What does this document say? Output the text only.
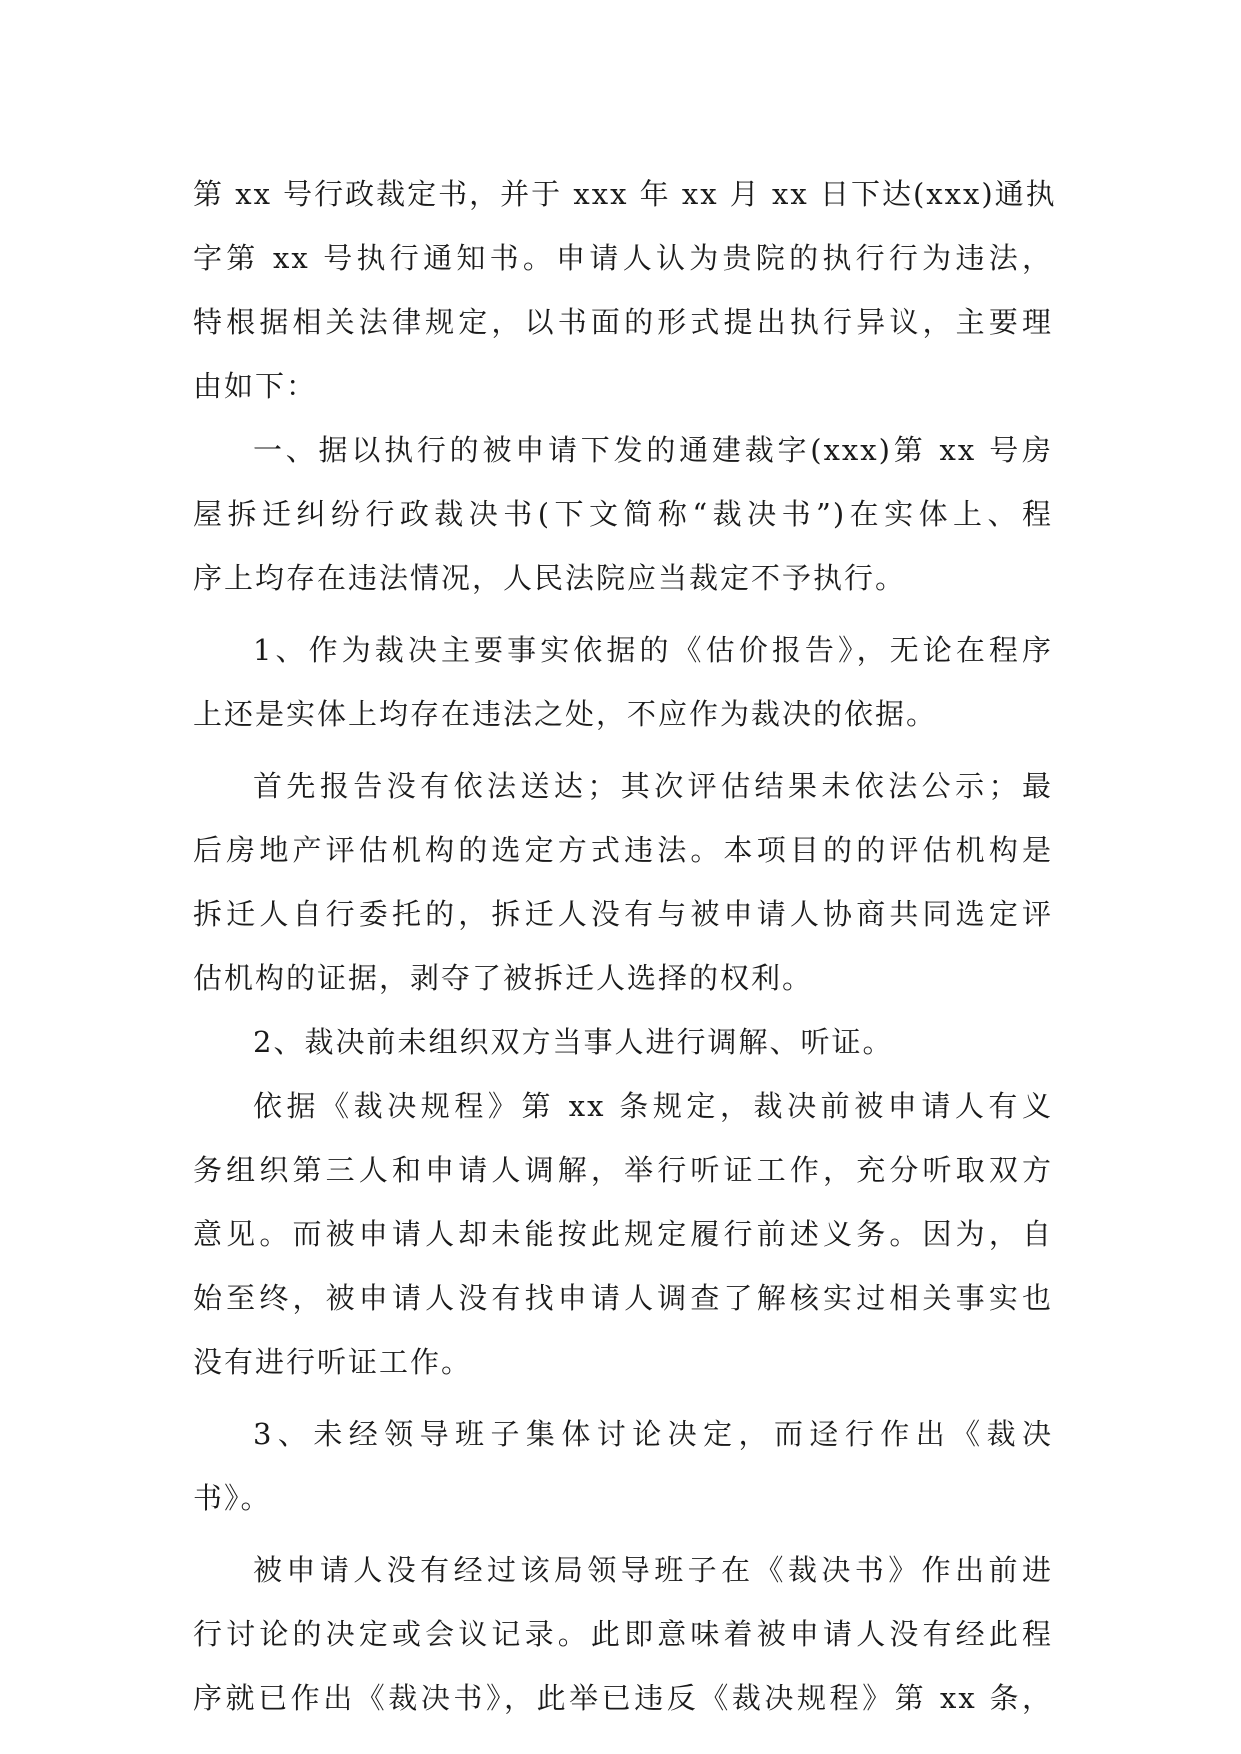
第 xx 号行政裁定书，并于 xxx 年 xx 月 xx 日下达(xxx)通执
字第 xx 号执行通知书。申请人认为贵院的执行行为违法，
特根据相关法律规定，以书面的形式提出执行异议，主要理
由如下：
一、据以执行的被申请下发的通建裁字(xxx)第 xx 号房
屋拆迁纠纷行政裁决书(下文简称“裁决书”)在实体上、程
序上均存在违法情况，人民法院应当裁定不予执行。
1、作为裁决主要事实依据的《估价报告》，无论在程序
上还是实体上均存在违法之处，不应作为裁决的依据。
首先报告没有依法送达；其次评估结果未依法公示；最
后房地产评估机构的选定方式违法。本项目的的评估机构是
拆迁人自行委托的，拆迁人没有与被申请人协商共同选定评
估机构的证据，剥夺了被拆迁人选择的权利。
2、裁决前未组织双方当事人进行调解、听证。
依据《裁决规程》第 xx 条规定，裁决前被申请人有义
务组织第三人和申请人调解，举行听证工作，充分听取双方
意见。而被申请人却未能按此规定履行前述义务。因为，自
始至终，被申请人没有找申请人调查了解核实过相关事实也
没有进行听证工作。
3、未经领导班子集体讨论决定，而迳行作出《裁决
书》。
被申请人没有经过该局领导班子在《裁决书》作出前进
行讨论的决定或会议记录。此即意味着被申请人没有经此程
序就已作出《裁决书》，此举已违反《裁决规程》第 xx 条，
